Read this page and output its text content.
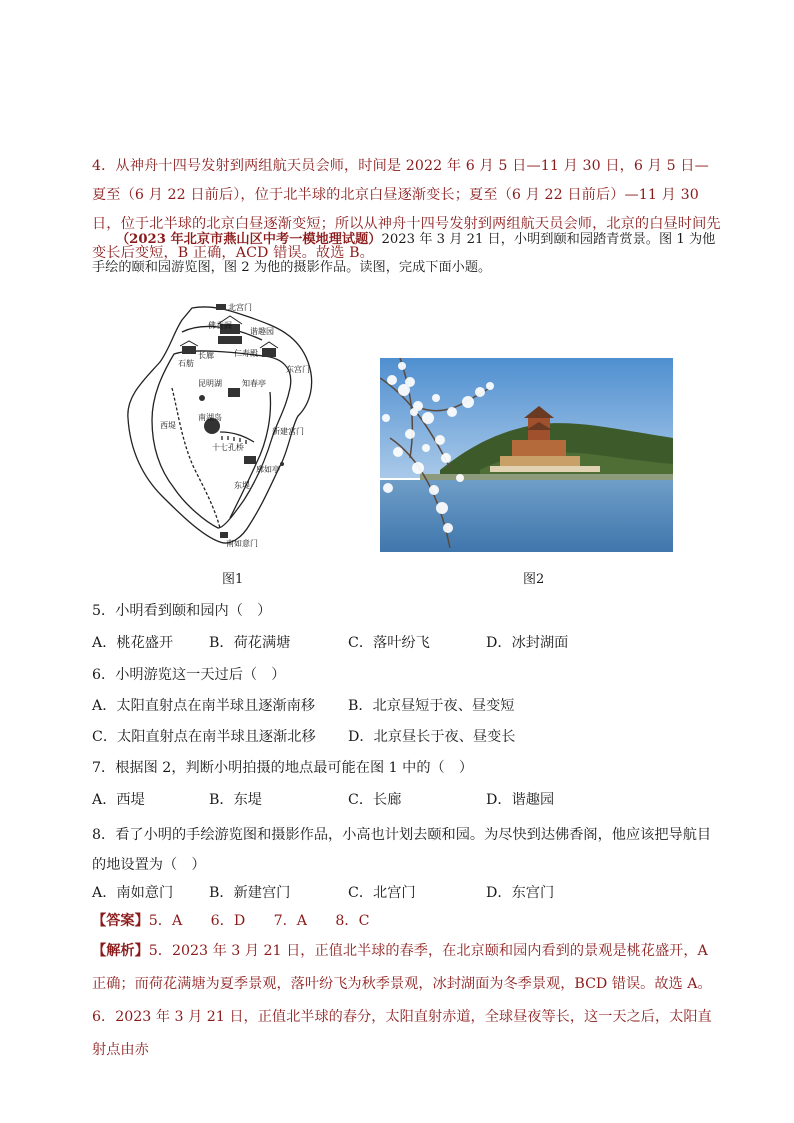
4．从神舟十四号发射到两组航天员会师，时间是 2022 年 6 月 5 日—11 月 30 日，6 月 5 日—夏至（6 月 22 日前后），位于北半球的北京白昼逐渐变长；夏至（6 月 22 日前后）—11 月 30 日，位于北半球的北京白昼逐渐变短；所以从神舟十四号发射到两组航天员会师，北京的白昼时间先变长后变短，B 正确，ACD 错误。故选 B。
（2023 年北京市燕山区中考一模地理试题）2023 年 3 月 21 日，小明到颐和园踏青赏景。图 1 为他手绘的颐和园游览图，图 2 为他的摄影作品。读图，完成下面小题。
北宫门
佛香阁
谐趣园
长廊
石舫
仁寿殿
东宫门
昆明湖	知春亭
西堤
南湖岛
十七孔桥
新建宫门
廓如亭
东堤
南如意门
图1	图2
5．小明看到颐和园内（　）
A．桃花盛开	B．荷花满塘	C．落叶纷飞	D．冰封湖面
6．小明游览这一天过后（　）
A．太阳直射点在南半球且逐渐南移 B．北京昼短于夜、昼变短
C．太阳直射点在南半球且逐渐北移 D．北京昼长于夜、昼变长
7．根据图 2，判断小明拍摄的地点最可能在图 1 中的（　）
A．西堤	B．东堤	C．长廊	D．谐趣园
8．看了小明的手绘游览图和摄影作品，小高也计划去颐和园。为尽快到达佛香阁，他应该把导航目的地设置为（　）
A．南如意门	B．新建宫门	C．北宫门	D．东宫门
【答案】5．A　　6．D　　7．A　　8．C
【解析】5．2023 年 3 月 21 日，正值北半球的春季，在北京颐和园内看到的景观是桃花盛开，A 正确；而荷花满塘为夏季景观，落叶纷飞为秋季景观，冰封湖面为冬季景观，BCD 错误。故选 A。
6．2023 年 3 月 21 日，正值北半球的春分，太阳直射赤道，全球昼夜等长，这一天之后，太阳直射点由赤
